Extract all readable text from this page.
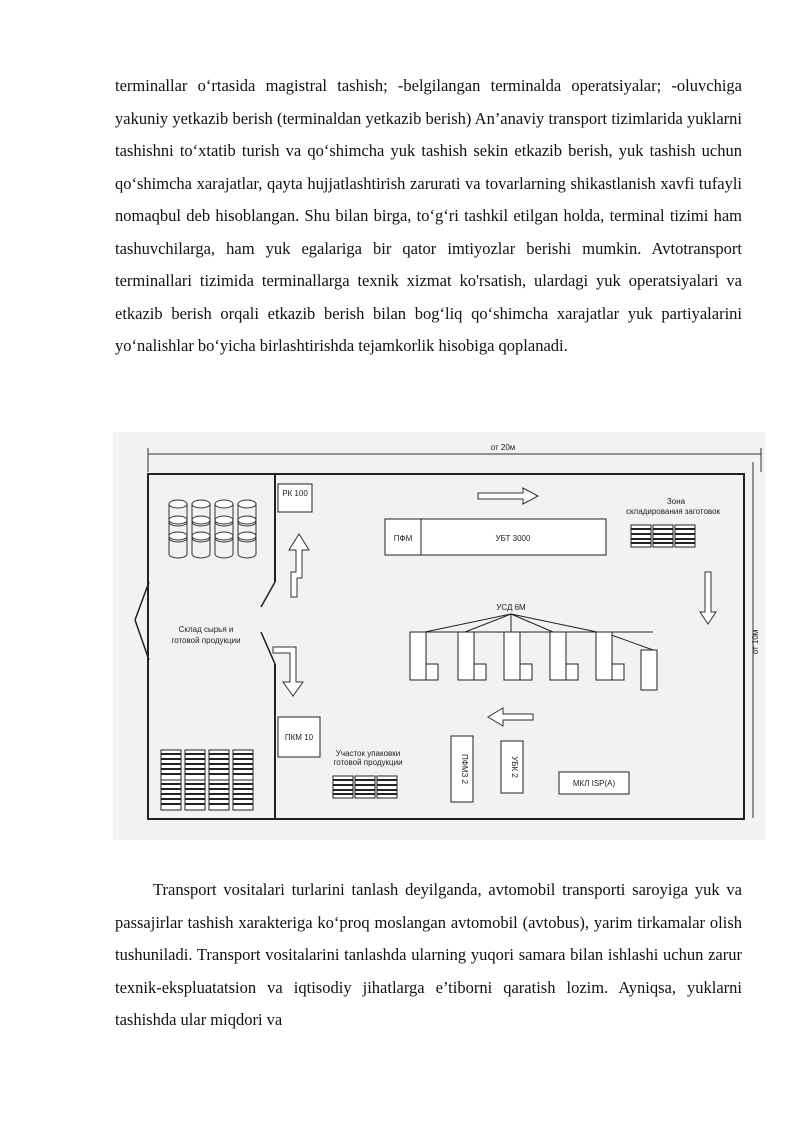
terminallar o‘rtasida magistral tashish; -belgilangan terminalda operatsiyalar; -oluvchiga yakuniy yetkazib berish (terminaldan yetkazib berish) An’anaviy transport tizimlarida yuklarni tashishni to‘xtatib turish va qo‘shimcha yuk tashish sekin etkazib berish, yuk tashish uchun qo‘shimcha xarajatlar, qayta hujjatlashtirish zarurati va tovarlarning shikastlanish xavfi tufayli nomaqbul deb hisoblangan. Shu bilan birga, to‘g‘ri tashkil etilgan holda, terminal tizimi ham tashuvchilarga, ham yuk egalariga bir qator imtiyozlar berishi mumkin. Avtotransport terminallari tizimida terminallarga texnik xizmat ko'rsatish, ulardagi yuk operatsiyalari va etkazib berish orqali etkazib berish bilan bog‘liq qo‘shimcha xarajatlar yuk partiyalarini yo‘nalishlar bo‘yicha birlashtirishda tejamkorlik hisobiga qoplanadi.

от 20м
от 10м
Склад сырья и
готовой продукции
РК 100
ПКМ 10
ПФМ	УБТ 3000
Зона
складирования заготовок
УСД 6М
Участок упаковки
готовой продукции	ПФМЗ 2	УБК 2
МКЛ ISP(A)

Transport vositalari turlarini tanlash deyilganda, avtomobil transporti saroyiga yuk va passajirlar tashish xarakteriga ko‘proq moslangan avtomobil (avtobus), yarim tirkamalar olish tushuniladi. Transport vositalarini tanlashda ularning yuqori samara bilan ishlashi uchun zarur texnik-ekspluatatsion va iqtisodiy jihatlarga e’tiborni qaratish lozim. Ayniqsa, yuklarni tashishda ular miqdori va
